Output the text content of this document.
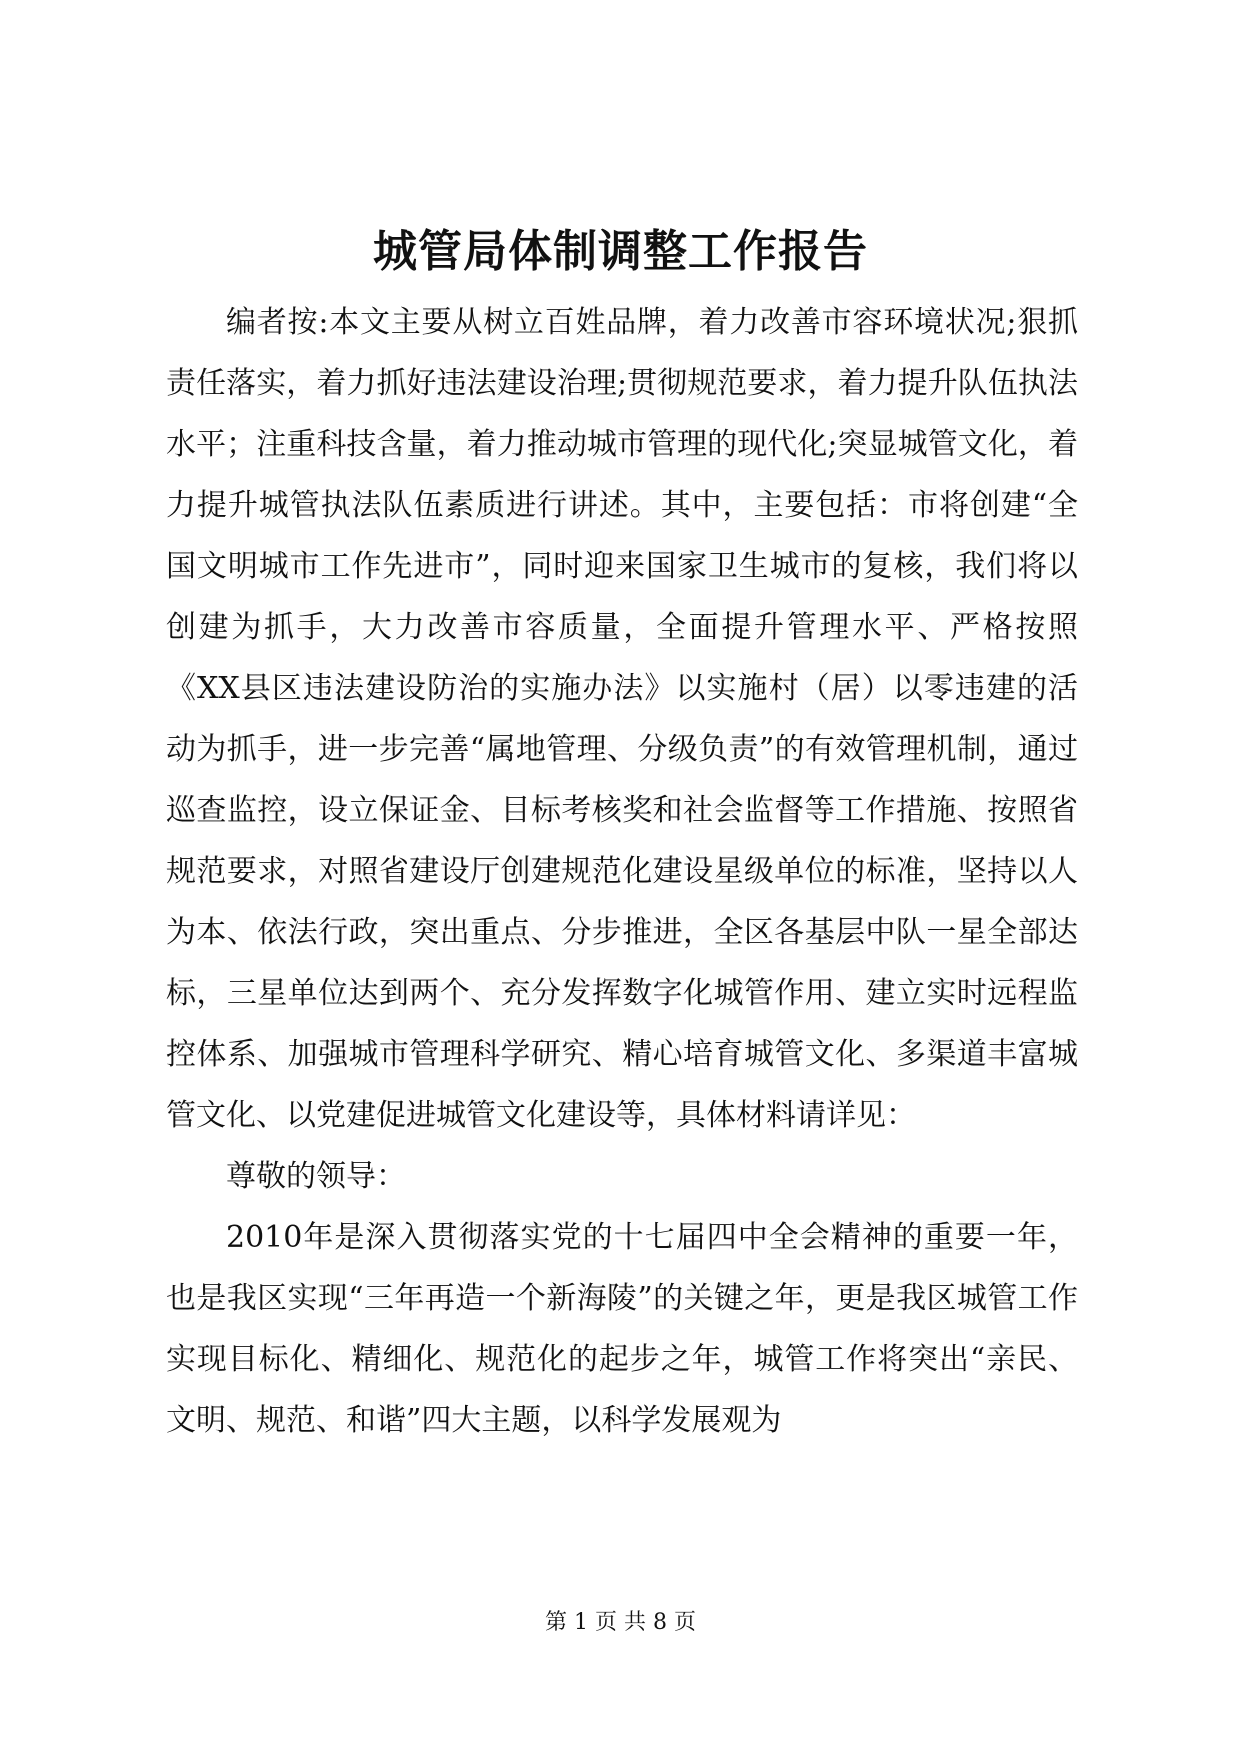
城管局体制调整工作报告

编者按:本文主要从树立百姓品牌，着力改善市容环境状况;狠抓责任落实，着力抓好违法建设治理;贯彻规范要求，着力提升队伍执法水平；注重科技含量，着力推动城市管理的现代化;突显城管文化，着力提升城管执法队伍素质进行讲述。其中，主要包括：市将创建“全国文明城市工作先进市”，同时迎来国家卫生城市的复核，我们将以创建为抓手，大力改善市容质量，全面提升管理水平、严格按照《XX县区违法建设防治的实施办法》以实施村（居）以零违建的活动为抓手，进一步完善“属地管理、分级负责”的有效管理机制，通过巡查监控，设立保证金、目标考核奖和社会监督等工作措施、按照省规范要求，对照省建设厅创建规范化建设星级单位的标准，坚持以人为本、依法行政，突出重点、分步推进，全区各基层中队一星全部达标，三星单位达到两个、充分发挥数字化城管作用、建立实时远程监控体系、加强城市管理科学研究、精心培育城管文化、多渠道丰富城管文化、以党建促进城管文化建设等，具体材料请详见：

尊敬的领导：

2010年是深入贯彻落实党的十七届四中全会精神的重要一年，也是我区实现“三年再造一个新海陵”的关键之年，更是我区城管工作实现目标化、精细化、规范化的起步之年，城管工作将突出“亲民、文明、规范、和谐”四大主题，以科学发展观为

第 1 页 共 8 页
